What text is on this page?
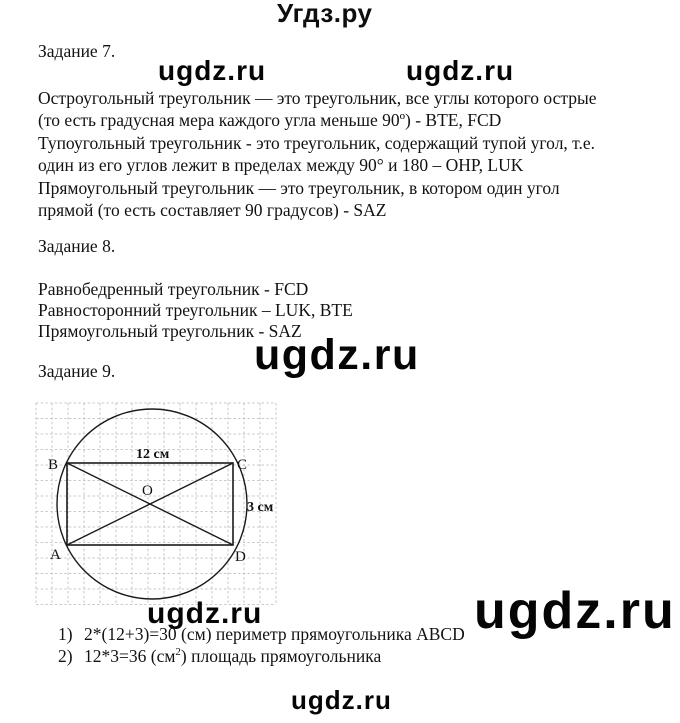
Угдз.ру
Задание 7.
ugdz.ru	ugdz.ru
Остроугольный треугольник — это треугольник, все углы которого острые
(то есть градусная мера каждого угла меньше 90º) - BTE, FCD
Тупоугольный треугольник - это треугольник, содержащий тупой угол, т.е.
один из его углов лежит в пределах между 90° и 180 – OHP, LUK
Прямоугольный треугольник — это треугольник, в котором один угол
прямой (то есть составляет 90 градусов) - SAZ
Задание 8.
Равнобедренный треугольник - FCD
Равносторонний треугольник – LUK, BTE
Прямоугольный треугольник - SAZ
ugdz.ru
Задание 9.
B	C
A	D
O
12 см
3 см
ugdz.ru	ugdz.ru
1) 2*(12+3)=30 (см) периметр прямоугольника ABCD
2) 12*3=36 $(см^2)$ площадь прямоугольника
ugdz.ru
